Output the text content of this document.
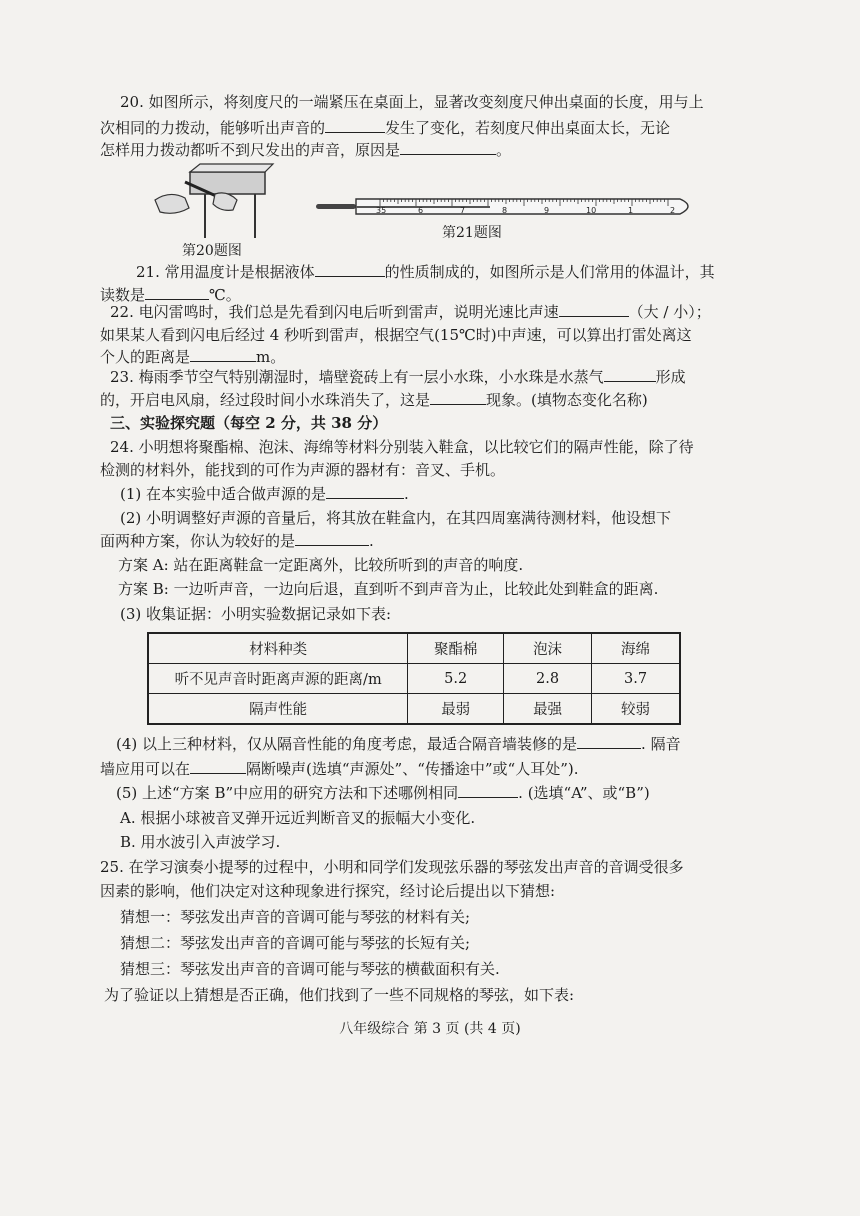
20. 如图所示，将刻度尺的一端紧压在桌面上，显著改变刻度尺伸出桌面的长度，用与上
次相同的力拨动，能够听出声音的	发生了变化，若刻度尺伸出桌面太长，无论
怎样用力拨动都听不到尺发出的声音，原因是	。
第20题图
35	6	7	8	9	10	1	2
第21题图
21. 常用温度计是根据液体	的性质制成的，如图所示是人们常用的体温计，其
读数是	℃。
22. 电闪雷鸣时，我们总是先看到闪电后听到雷声，说明光速比声速	（大 / 小）；
如果某人看到闪电后经过 4 秒听到雷声，根据空气(15℃时)中声速，可以算出打雷处离这
个人的距离是	m。
23. 梅雨季节空气特别潮湿时，墙壁瓷砖上有一层小水珠，小水珠是水蒸气	形成
的，开启电风扇，经过段时间小水珠消失了，这是	现象。(填物态变化名称)
三、实验探究题（每空 2 分，共 38 分）
24. 小明想将聚酯棉、泡沫、海绵等材料分别装入鞋盒，以比较它们的隔声性能，除了待
检测的材料外，能找到的可作为声源的器材有：音叉、手机。
(1) 在本实验中适合做声源的是	.
(2) 小明调整好声源的音量后，将其放在鞋盒内，在其四周塞满待测材料，他设想下
面两种方案，你认为较好的是	.
方案 A: 站在距离鞋盒一定距离外，比较所听到的声音的响度.
方案 B: 一边听声音，一边向后退，直到听不到声音为止，比较此处到鞋盒的距离.
(3) 收集证据：小明实验数据记录如下表:
材料种类	聚酯棉	泡沫	海绵
听不见声音时距离声源的距离/m	5.2	2.8	3.7
隔声性能	最弱	最强	较弱
(4) 以上三种材料，仅从隔音性能的角度考虑，最适合隔音墙装修的是	. 隔音
墙应用可以在	隔断噪声(选填“声源处”、“传播途中”或“人耳处”).
(5) 上述“方案 B”中应用的研究方法和下述哪例相同	. (选填“A”、或“B”)
A. 根据小球被音叉弹开远近判断音叉的振幅大小变化.
B. 用水波引入声波学习.
25. 在学习演奏小提琴的过程中，小明和同学们发现弦乐器的琴弦发出声音的音调受很多
因素的影响，他们决定对这种现象进行探究，经讨论后提出以下猜想:
猜想一：琴弦发出声音的音调可能与琴弦的材料有关;
猜想二：琴弦发出声音的音调可能与琴弦的长短有关;
猜想三：琴弦发出声音的音调可能与琴弦的横截面积有关.
为了验证以上猜想是否正确，他们找到了一些不同规格的琴弦，如下表:
八年级综合 第 3 页 (共 4 页)
